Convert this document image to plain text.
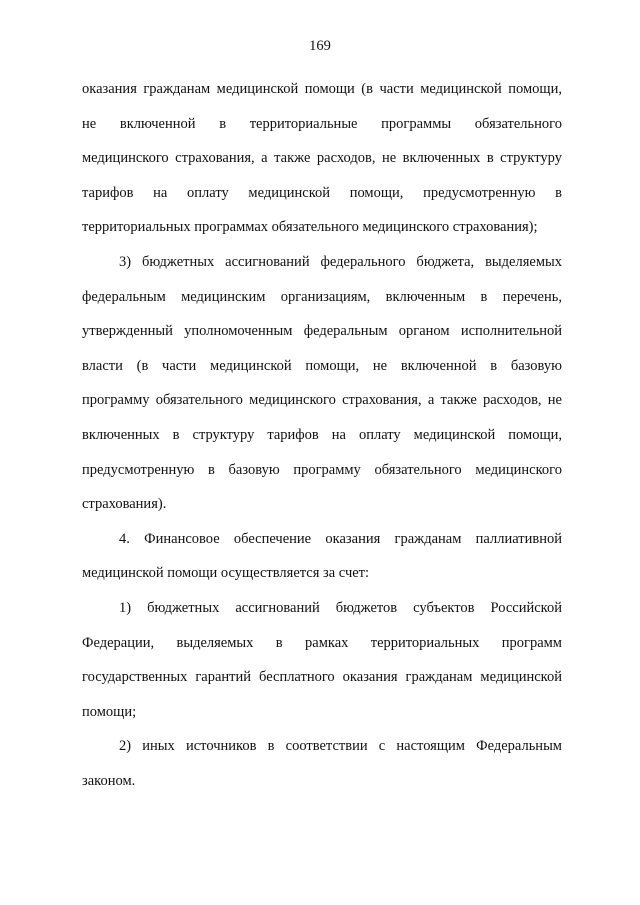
169
оказания гражданам медицинской помощи (в части медицинской помощи,
не включенной в территориальные программы обязательного
медицинского страхования, а также расходов, не включенных в структуру
тарифов на оплату медицинской помощи, предусмотренную в
территориальных программах обязательного медицинского страхования);
3) бюджетных ассигнований федерального бюджета, выделяемых
федеральным медицинским организациям, включенным в перечень,
утвержденный уполномоченным федеральным органом исполнительной
власти (в части медицинской помощи, не включенной в базовую
программу обязательного медицинского страхования, а также расходов, не
включенных в структуру тарифов на оплату медицинской помощи,
предусмотренную в базовую программу обязательного медицинского
страхования).
4. Финансовое обеспечение оказания гражданам паллиативной
медицинской помощи осуществляется за счет:
1) бюджетных ассигнований бюджетов субъектов Российской
Федерации, выделяемых в рамках территориальных программ
государственных гарантий бесплатного оказания гражданам медицинской
помощи;
2) иных источников в соответствии с настоящим Федеральным
законом.
